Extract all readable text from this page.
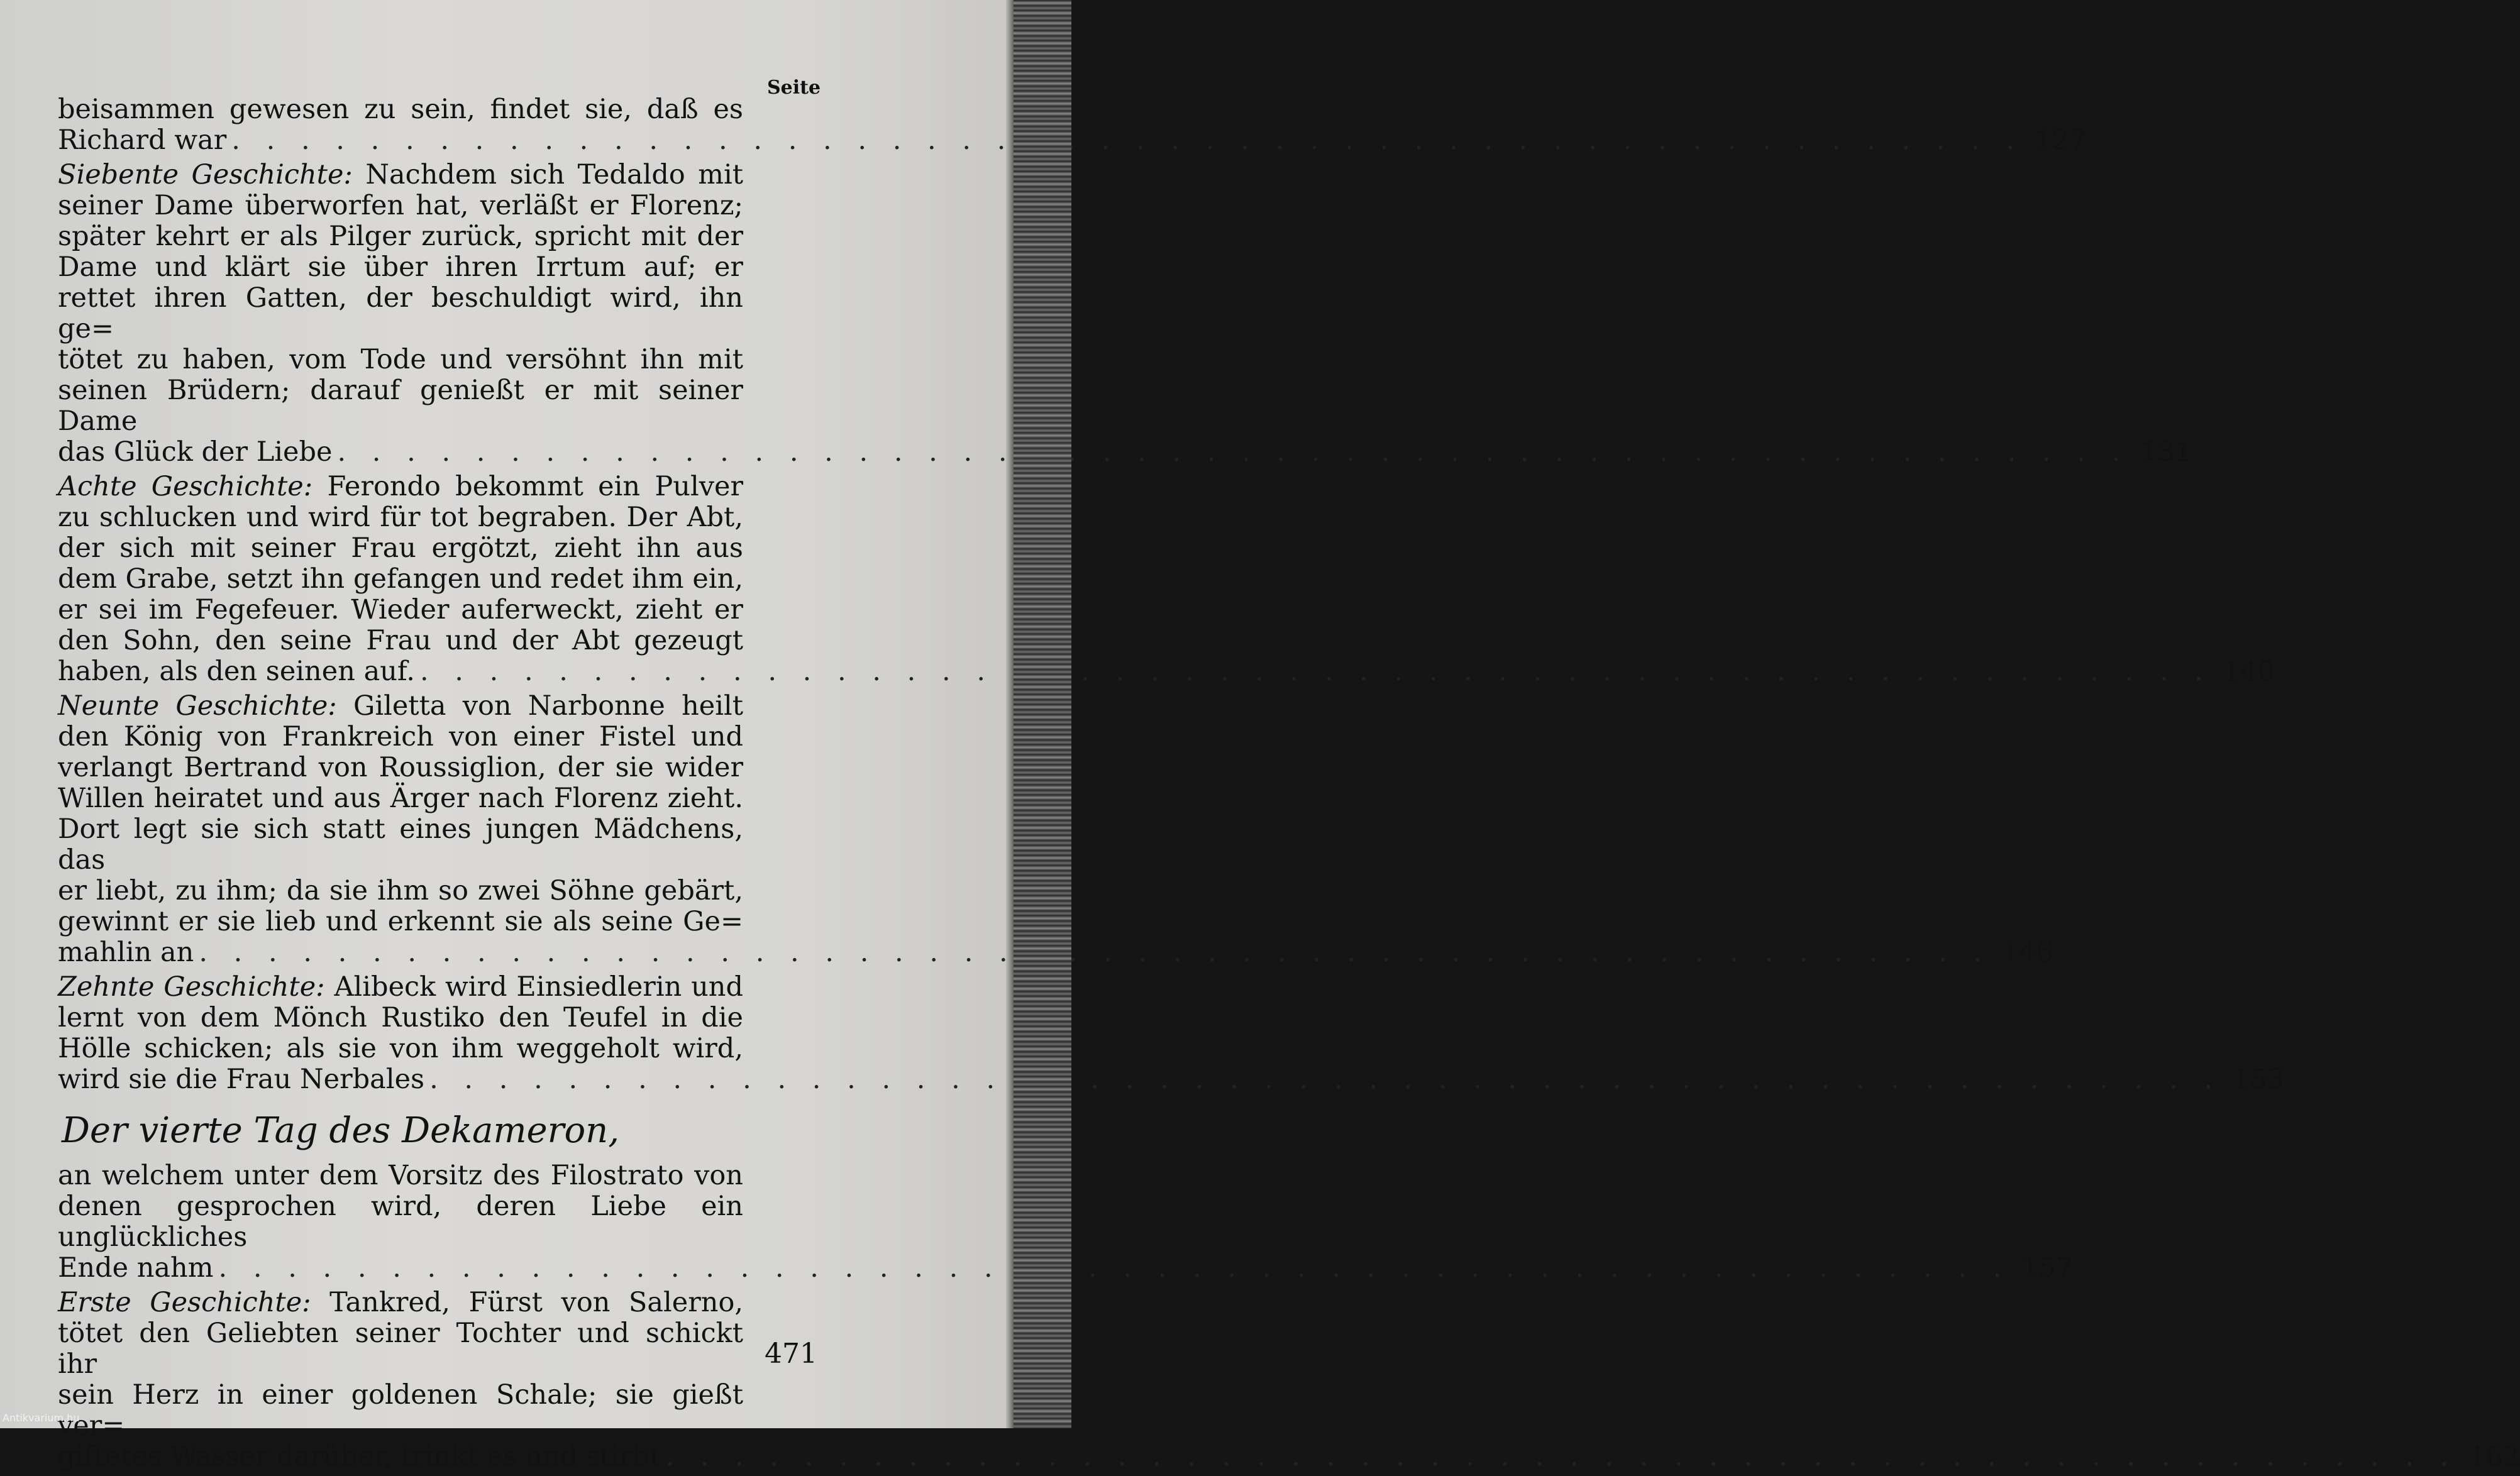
Seite
beisammen gewesen zu sein, findet sie, daß es
Richard war . . .	127
Siebente Geschichte: Nachdem sich Tedaldo mit
seiner Dame überworfen hat, verläßt er Florenz;
später kehrt er als Pilger zurück, spricht mit der
Dame und klärt sie über ihren Irrtum auf; er
rettet ihren Gatten, der beschuldigt wird, ihn ge=
tötet zu haben, vom Tode und versöhnt ihn mit
seinen Brüdern; darauf genießt er mit seiner Dame
das Glück der Liebe . . .	131
Achte Geschichte: Ferondo bekommt ein Pulver
zu schlucken und wird für tot begraben. Der Abt,
der sich mit seiner Frau ergötzt, zieht ihn aus
dem Grabe, setzt ihn gefangen und redet ihm ein,
er sei im Fegefeuer. Wieder auferweckt, zieht er
den Sohn, den seine Frau und der Abt gezeugt
haben, als den seinen auf. . . .	140
Neunte Geschichte: Giletta von Narbonne heilt
den König von Frankreich von einer Fistel und
verlangt Bertrand von Roussiglion, der sie wider
Willen heiratet und aus Ärger nach Florenz zieht.
Dort legt sie sich statt eines jungen Mädchens, das
er liebt, zu ihm; da sie ihm so zwei Söhne gebärt,
gewinnt er sie lieb und erkennt sie als seine Ge=
mahlin an . . .	146
Zehnte Geschichte: Alibeck wird Einsiedlerin und
lernt von dem Mönch Rustiko den Teufel in die
Hölle schicken; als sie von ihm weggeholt wird,
wird sie die Frau Nerbales . . .	153
Der vierte Tag des Dekameron,
an welchem unter dem Vorsitz des Filostrato von
denen gesprochen wird, deren Liebe ein unglückliches
Ende nahm . . .	157
Erste Geschichte: Tankred, Fürst von Salerno,
tötet den Geliebten seiner Tochter und schickt ihr
sein Herz in einer goldenen Schale; sie gießt ver=
giftetes Wasser darüber, trinkt es und stirbt . . .	162
471
Antikvarium.hu
